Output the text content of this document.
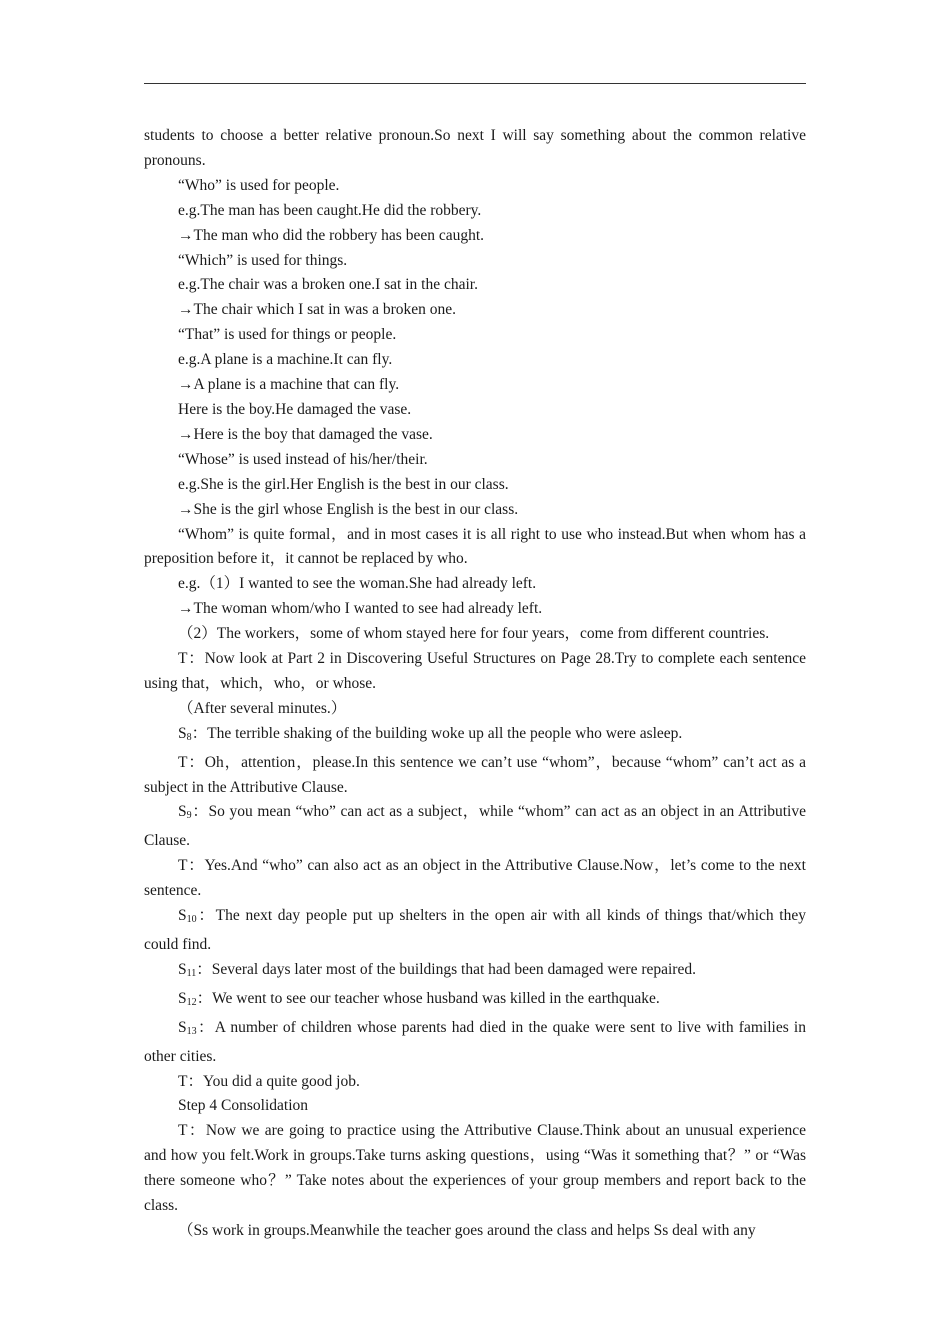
students to choose a better relative pronoun.So next I will say something about the common relative pronouns.

“Who” is used for people.

e.g.The man has been caught.He did the robbery.

→The man who did the robbery has been caught.

“Which” is used for things.

e.g.The chair was a broken one.I sat in the chair.

→The chair which I sat in was a broken one.

“That” is used for things or people.

e.g.A plane is a machine.It can fly.

→A plane is a machine that can fly.

Here is the boy.He damaged the vase.

→Here is the boy that damaged the vase.

“Whose” is used instead of his/her/their.

e.g.She is the girl.Her English is the best in our class.

→She is the girl whose English is the best in our class.

“Whom” is quite formal，and in most cases it is all right to use who instead.But when whom has a preposition before it，it cannot be replaced by who.

e.g.（1）I wanted to see the woman.She had already left.

→The woman whom/who I wanted to see had already left.

（2）The workers，some of whom stayed here for four years，come from different countries.

T：Now look at Part 2 in Discovering Useful Structures on Page 28.Try to complete each sentence using that，which，who，or whose.

（After several minutes.）

$S_8$：The terrible shaking of the building woke up all the people who were asleep.

T：Oh，attention，please.In this sentence we can’t use “whom”，because “whom” can’t act as a subject in the Attributive Clause.

$S_9$：So you mean “who” can act as a subject，while “whom” can act as an object in an Attributive Clause.

T：Yes.And “who” can also act as an object in the Attributive Clause.Now，let’s come to the next sentence.

$S_{10}$：The next day people put up shelters in the open air with all kinds of things that/which they could find.

$S_{11}$：Several days later most of the buildings that had been damaged were repaired.

$S_{12}$：We went to see our teacher whose husband was killed in the earthquake.

$S_{13}$：A number of children whose parents had died in the quake were sent to live with families in other cities.

T：You did a quite good job.

Step 4 Consolidation

T：Now we are going to practice using the Attributive Clause.Think about an unusual experience and how you felt.Work in groups.Take turns asking questions，using “Was it something that？” or “Was there someone who？” Take notes about the experiences of your group members and report back to the class.

（Ss work in groups.Meanwhile the teacher goes around the class and helps Ss deal with any
